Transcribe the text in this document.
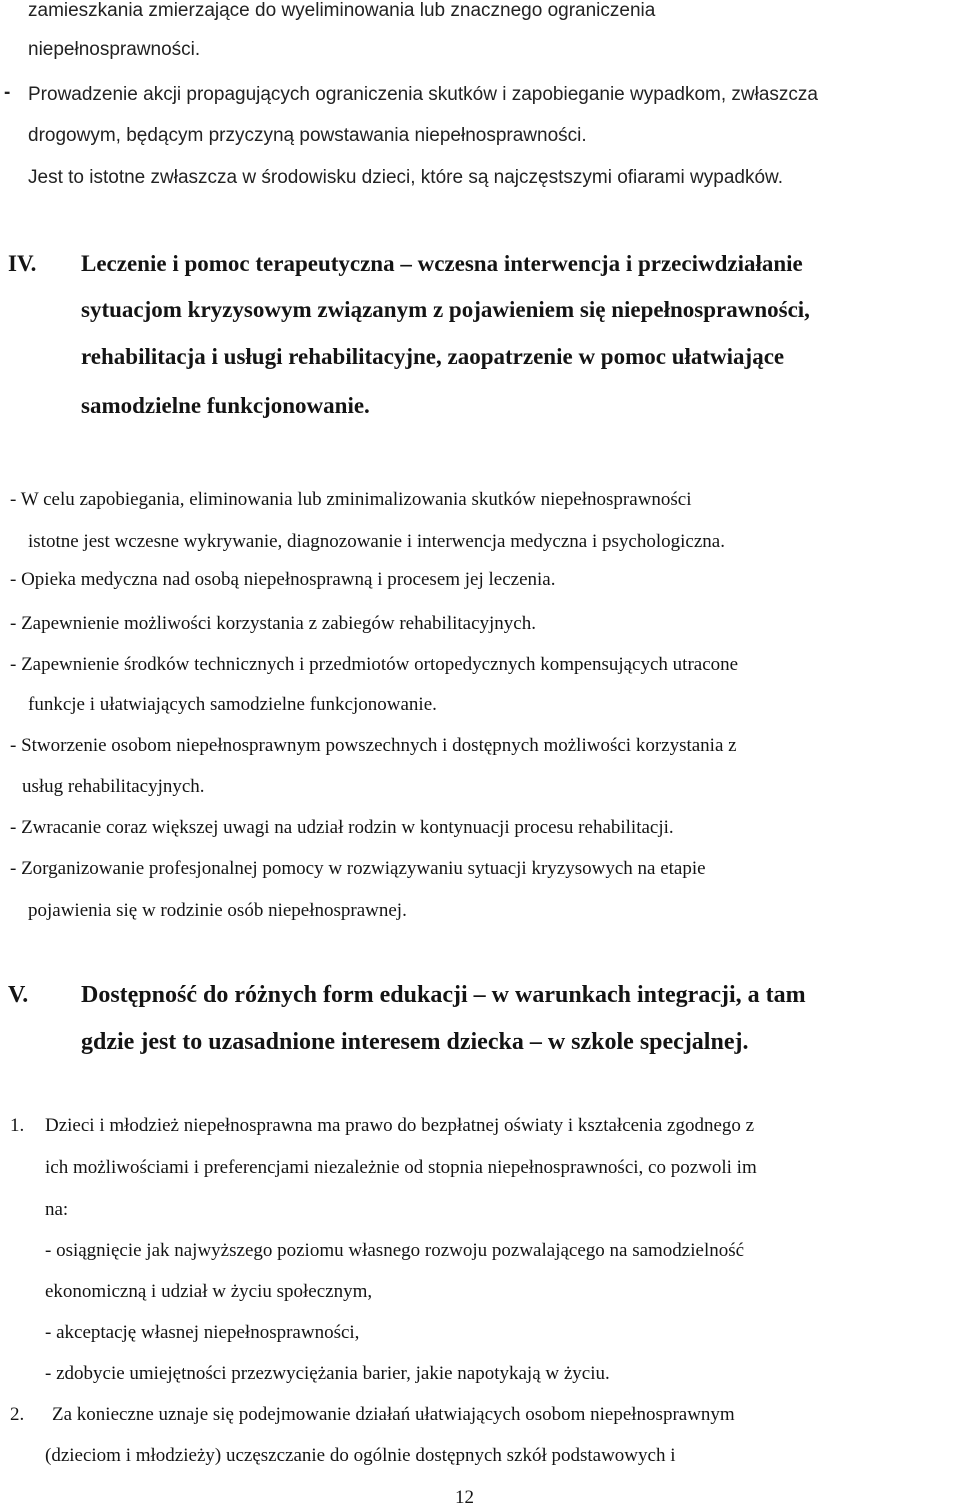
zamieszkania zmierzające do wyeliminowania lub znacznego ograniczenia

niepełnosprawności.

- Prowadzenie akcji propagujących ograniczenia skutków i zapobieganie wypadkom, zwłaszcza

drogowym, będącym przyczyną powstawania niepełnosprawności.

Jest to istotne zwłaszcza w środowisku dzieci, które są najczęstszymi ofiarami wypadków.

IV. Leczenie i pomoc terapeutyczna – wczesna interwencja i przeciwdziałanie

sytuacjom kryzysowym związanym z pojawieniem się niepełnosprawności,

rehabilitacja i usługi rehabilitacyjne, zaopatrzenie w pomoc ułatwiające

samodzielne funkcjonowanie.

- W celu zapobiegania, eliminowania lub zminimalizowania skutków niepełnosprawności

istotne jest wczesne wykrywanie, diagnozowanie i interwencja medyczna i psychologiczna.

- Opieka medyczna nad osobą niepełnosprawną i procesem jej leczenia.

- Zapewnienie możliwości korzystania z zabiegów rehabilitacyjnych.

- Zapewnienie środków technicznych i przedmiotów ortopedycznych kompensujących utracone

funkcje i ułatwiających samodzielne funkcjonowanie.

- Stworzenie osobom niepełnosprawnym powszechnych i dostępnych możliwości korzystania z

usług rehabilitacyjnych.

- Zwracanie coraz większej uwagi na udział rodzin w kontynuacji procesu rehabilitacji.

- Zorganizowanie profesjonalnej pomocy w rozwiązywaniu sytuacji kryzysowych na etapie

pojawienia się w rodzinie osób niepełnosprawnej.

V. Dostępność do różnych form edukacji – w warunkach integracji, a tam

gdzie jest to uzasadnione interesem dziecka – w szkole specjalnej.

1. Dzieci i młodzież niepełnosprawna ma prawo do bezpłatnej oświaty i kształcenia zgodnego z

ich możliwościami i preferencjami niezależnie od stopnia niepełnosprawności, co pozwoli im

na:

- osiągnięcie jak najwyższego poziomu własnego rozwoju pozwalającego na samodzielność

ekonomiczną i udział w życiu społecznym,

- akceptację własnej niepełnosprawności,

- zdobycie umiejętności przezwyciężania barier, jakie napotykają w życiu.

2. Za konieczne uznaje się podejmowanie działań ułatwiających osobom niepełnosprawnym

(dzieciom i młodzieży) uczęszczanie do ogólnie dostępnych szkół podstawowych i

12
